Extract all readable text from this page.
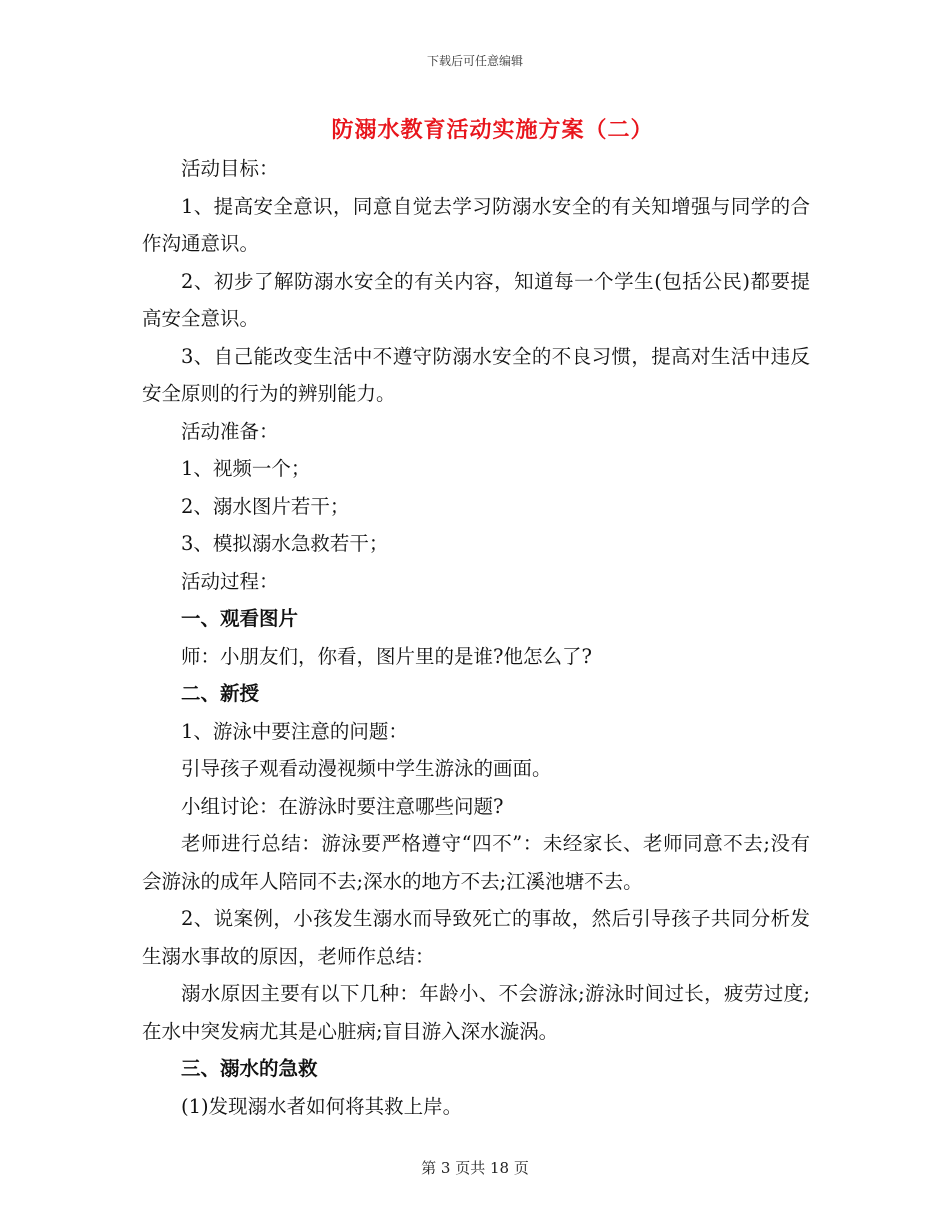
下载后可任意编辑
防溺水教育活动实施方案（二）

活动目标：

1、提高安全意识，同意自觉去学习防溺水安全的有关知增强与同学的合作沟通意识。

2、初步了解防溺水安全的有关内容，知道每一个学生(包括公民)都要提高安全意识。

3、自己能改变生活中不遵守防溺水安全的不良习惯，提高对生活中违反安全原则的行为的辨别能力。

活动准备：

1、视频一个；

2、溺水图片若干；

3、模拟溺水急救若干；

活动过程：

一、观看图片

师：小朋友们，你看，图片里的是谁?他怎么了?

二、新授

1、游泳中要注意的问题：

引导孩子观看动漫视频中学生游泳的画面。

小组讨论：在游泳时要注意哪些问题?

老师进行总结：游泳要严格遵守“四不”：未经家长、老师同意不去;没有会游泳的成年人陪同不去;深水的地方不去;江溪池塘不去。

2、说案例，小孩发生溺水而导致死亡的事故，然后引导孩子共同分析发生溺水事故的原因，老师作总结：

溺水原因主要有以下几种：年龄小、不会游泳;游泳时间过长，疲劳过度;在水中突发病尤其是心脏病;盲目游入深水漩涡。

三、溺水的急救

(1)发现溺水者如何将其救上岸。

第 3 页共 18 页
